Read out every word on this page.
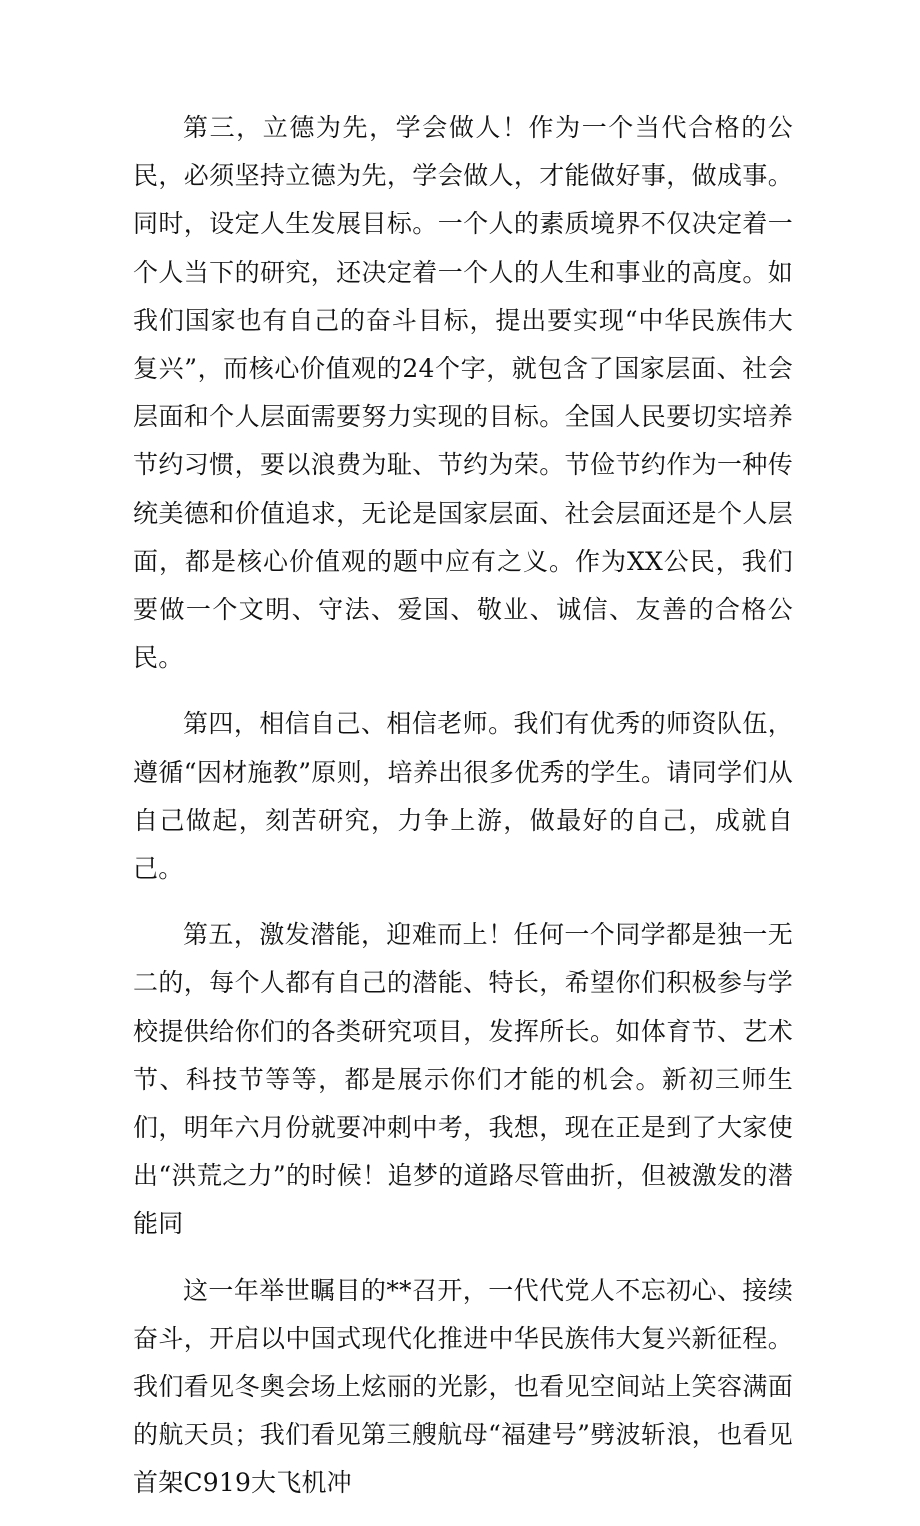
第三，立德为先，学会做人！作为一个当代合格的公民，必须坚持立德为先，学会做人，才能做好事，做成事。同时，设定人生发展目标。一个人的素质境界不仅决定着一个人当下的研究，还决定着一个人的人生和事业的高度。如我们国家也有自己的奋斗目标，提出要实现“中华民族伟大复兴”，而核心价值观的24个字，就包含了国家层面、社会层面和个人层面需要努力实现的目标。全国人民要切实培养节约习惯，要以浪费为耻、节约为荣。节俭节约作为一种传统美德和价值追求，无论是国家层面、社会层面还是个人层面，都是核心价值观的题中应有之义。作为XX公民，我们要做一个文明、守法、爱国、敬业、诚信、友善的合格公民。

第四，相信自己、相信老师。我们有优秀的师资队伍，遵循“因材施教”原则，培养出很多优秀的学生。请同学们从自己做起，刻苦研究，力争上游，做最好的自己，成就自己。

第五，激发潜能，迎难而上！任何一个同学都是独一无二的，每个人都有自己的潜能、特长，希望你们积极参与学校提供给你们的各类研究项目，发挥所长。如体育节、艺术节、科技节等等，都是展示你们才能的机会。新初三师生们，明年六月份就要冲刺中考，我想，现在正是到了大家使出“洪荒之力”的时候！追梦的道路尽管曲折，但被激发的潜能同

这一年举世瞩目的**召开，一代代党人不忘初心、接续奋斗，开启以中国式现代化推进中华民族伟大复兴新征程。我们看见冬奥会场上炫丽的光影，也看见空间站上笑容满面的航天员；我们看见第三艘航母“福建号”劈波斩浪，也看见首架C919大飞机冲
